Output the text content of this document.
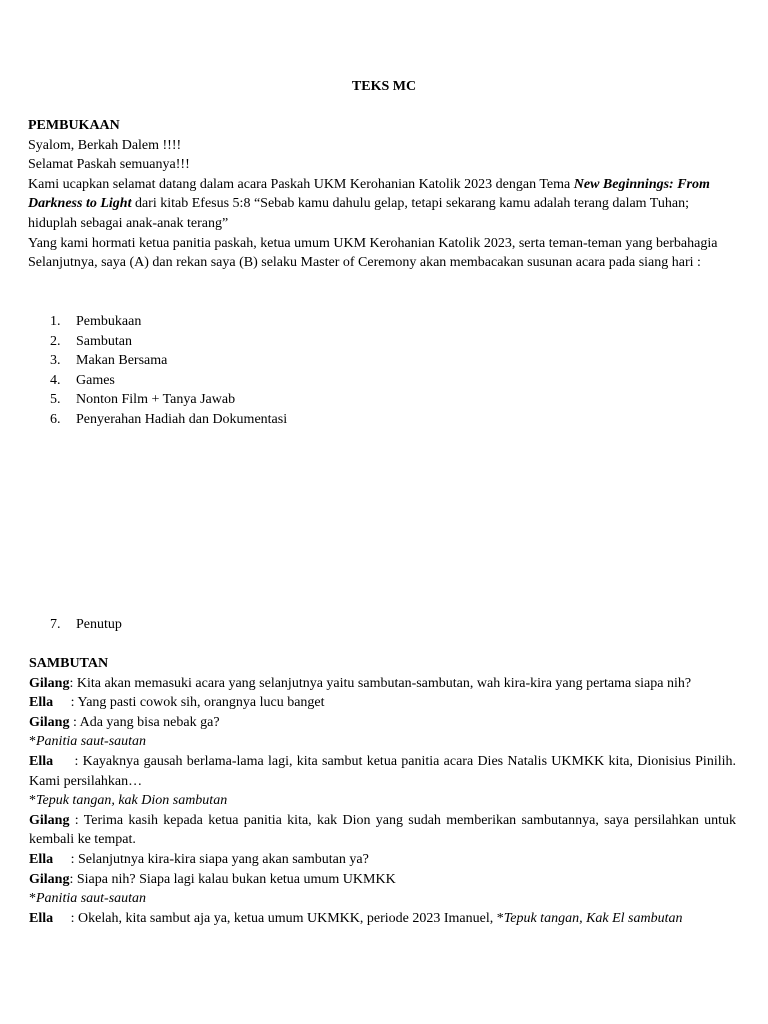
TEKS MC

PEMBUKAAN

Syalom, Berkah Dalem !!!!

Selamat Paskah semuanya!!!

Kami ucapkan selamat datang dalam acara Paskah UKM Kerohanian Katolik 2023 dengan Tema New Beginnings: From Darkness to Light dari kitab Efesus 5:8 “Sebab kamu dahulu gelap, tetapi sekarang kamu adalah terang dalam Tuhan; hiduplah sebagai anak-anak terang”

Yang kami hormati ketua panitia paskah, ketua umum UKM Kerohanian Katolik 2023, serta teman-teman yang berbahagia

Selanjutnya, saya (A) dan rekan saya (B) selaku Master of Ceremony akan membacakan susunan acara pada siang hari :

1. Pembukaan
2. Sambutan
3. Makan Bersama
4. Games
5. Nonton Film + Tanya Jawab
6. Penyerahan Hadiah dan Dokumentasi
7. Penutup

SAMBUTAN

Gilang: Kita akan memasuki acara yang selanjutnya yaitu sambutan-sambutan, wah kira-kira yang pertama siapa nih?

Ella     : Yang pasti cowok sih, orangnya lucu banget

Gilang : Ada yang bisa nebak ga?

*Panitia saut-sautan

Ella     : Kayaknya gausah berlama-lama lagi, kita sambut ketua panitia acara Dies Natalis UKMKK kita, Dionisius Pinilih. Kami persilahkan…

*Tepuk tangan, kak Dion sambutan

Gilang : Terima kasih kepada ketua panitia kita, kak Dion yang sudah memberikan sambutannya, saya persilahkan untuk kembali ke tempat.

Ella     : Selanjutnya kira-kira siapa yang akan sambutan ya?

Gilang: Siapa nih? Siapa lagi kalau bukan ketua umum UKMKK

*Panitia saut-sautan

Ella     : Okelah, kita sambut aja ya, ketua umum UKMKK, periode 2023 Imanuel, *Tepuk tangan, Kak El sambutan
